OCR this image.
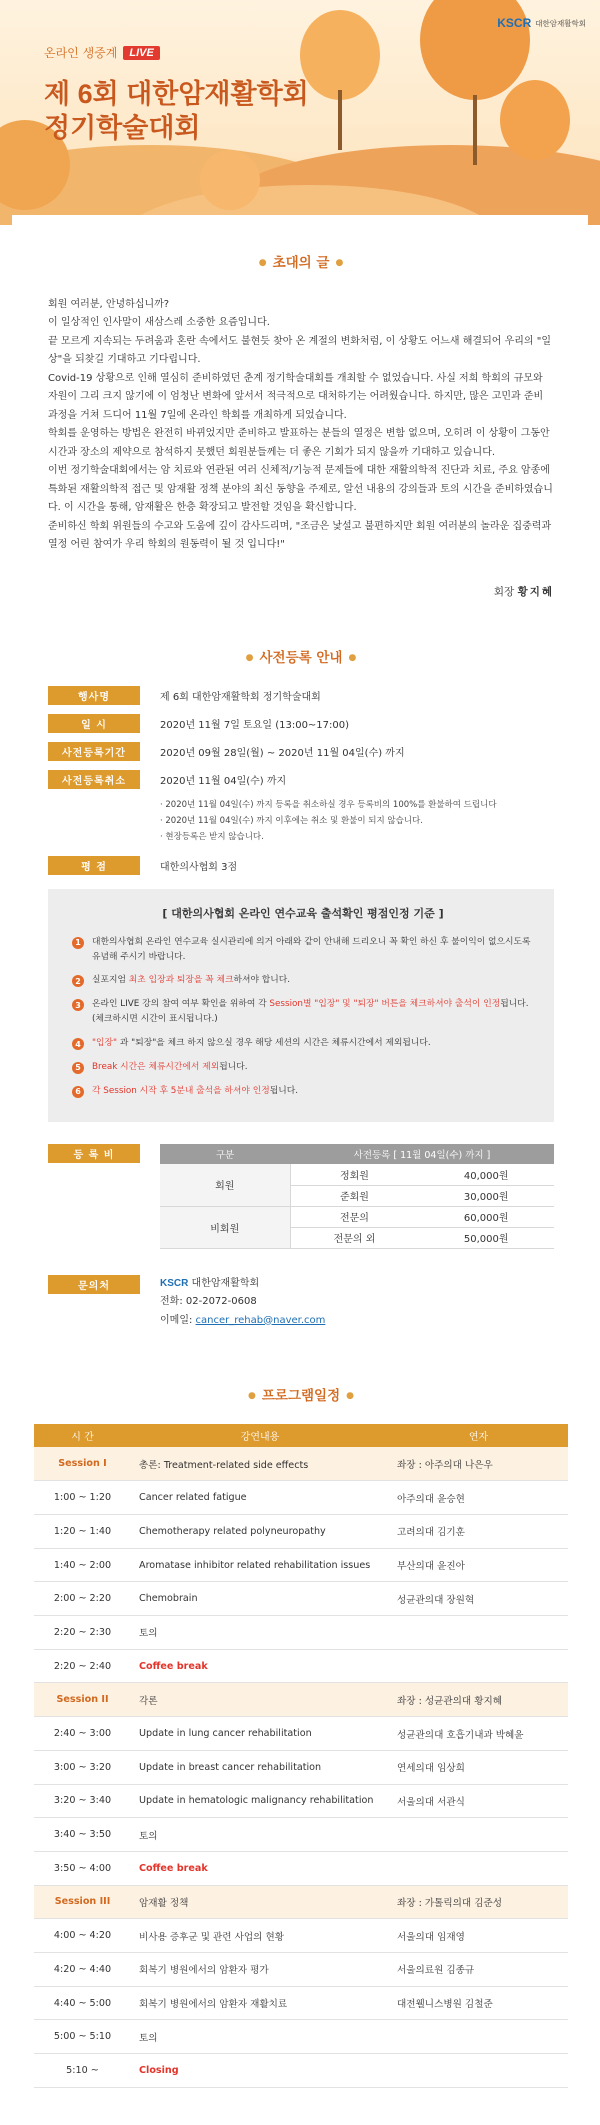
KSCR 대한암재활학회
온라인 생중계	LIVE
제 6회 대한암재활학회
정기학술대회
● 초대의 글 ●

회원 여러분, 안녕하십니까?

이 일상적인 인사말이 새삼스레 소중한 요즘입니다.

끝 모르게 지속되는 두려움과 혼란 속에서도 불현듯 찾아 온 계절의 변화처럼, 이 상황도 어느새 해결되어 우리의 "일상"을 되찾길 기대하고 기다립니다.

Covid-19 상황으로 인해 열심히 준비하였던 춘계 정기학술대회를 개최할 수 없었습니다. 사실 저희 학회의 규모와 자원이 그리 크지 않기에 이 엄청난 변화에 앞서서 적극적으로 대처하기는 어려웠습니다. 하지만, 많은 고민과 준비 과정을 거쳐 드디어 11월 7일에 온라인 학회를 개최하게 되었습니다.

학회를 운영하는 방법은 완전히 바뀌었지만 준비하고 발표하는 분들의 열정은 변함 없으며, 오히려 이 상황이 그동안 시간과 장소의 제약으로 참석하지 못했던 회원분들께는 더 좋은 기회가 되지 않을까 기대하고 있습니다.

이번 정기학술대회에서는 암 치료와 연관된 여러 신체적/기능적 문제들에 대한 재활의학적 진단과 치료, 주요 암종에 특화된 재활의학적 접근 및 암재활 정책 분야의 최신 동향을 주제로, 알선 내용의 강의들과 토의 시간을 준비하였습니다. 이 시간을 통해, 암재활은 한층 확장되고 발전할 것임을 확신합니다.

준비하신 학회 위원들의 수고와 도움에 깊이 감사드리며, "조금은 낯설고 불편하지만 회원 여러분의 놀라운 집중력과 열정 어린 참여가 우리 학회의 원동력이 될 것 입니다!"

회장 황지혜
● 사전등록 안내 ●
행사명	제 6회 대한암재활학회 정기학술대회
일 시	2020년 11월 7일 토요일 (13:00~17:00)
사전등록기간	2020년 09월 28일(월) ~ 2020년 11월 04일(수) 까지
사전등록취소	2020년 11월 04일(수) 까지
· 2020년 11월 04일(수) 까지 등록을 취소하실 경우 등록비의 100%를 환불하여 드립니다
· 2020년 11월 04일(수) 까지 이후에는 취소 및 환불이 되지 않습니다.
· 현장등록은 받지 않습니다.
평 점	대한의사협회 3점
[ 대한의사협회 온라인 연수교육 출석확인 평점인정 기준 ]
1	대한의사협회 온라인 연수교육 실시관리에 의거 아래와 같이 안내해 드리오니 꼭 확인 하신 후 불이익이 없으시도록 유념해 주시기 바랍니다.
2	실포지엄 최초 입장과 퇴장을 꼭 체크하셔야 합니다.
3	온라인 LIVE 강의 참여 여부 확인을 위하여 각 Session별 "입장" 및 "퇴장" 버튼을 체크하셔야 출석이 인정됩니다. (체크하시면 시간이 표시됩니다.)
4	"입장" 과 "퇴장"을 체크 하지 않으실 경우 해당 세션의 시간은 체류시간에서 제외됩니다.
5	Break 시간은 체류시간에서 제외됩니다.
6	각 Session 시작 후 5분내 출석을 하셔야 인정됩니다.
등 록 비	구분	사전등록 [ 11월 04일(수) 까지 ]	
회원	정회원	40,000원
	준회원	30,000원
비회원	전문의	60,000원
	전문의 외	50,000원
문의처	KSCR 대한암재활학회
전화: 02-2072-0608
이메일: cancer_rehab@naver.com
● 프로그램일정 ●
시 간	강연내용	연자
Session I	총론: Treatment-related side effects	좌장 : 아주의대 나은우
1:00 ~ 1:20	Cancer related fatigue	아주의대 윤승현
1:20 ~ 1:40	Chemotherapy related polyneuropathy	고려의대 김기훈
1:40 ~ 2:00	Aromatase inhibitor related rehabilitation issues	부산의대 윤진아
2:00 ~ 2:20	Chemobrain	성균관의대 장원혁
2:20 ~ 2:30	토의	
2:20 ~ 2:40	Coffee break	
Session II	각론	좌장 : 성균관의대 황지혜
2:40 ~ 3:00	Update in lung cancer rehabilitation	성균관의대 호흡기내과 박혜윤
3:00 ~ 3:20	Update in breast cancer rehabilitation	연세의대 임상희
3:20 ~ 3:40	Update in hematologic malignancy rehabilitation	서울의대 서관식
3:40 ~ 3:50	토의	
3:50 ~ 4:00	Coffee break	
Session III	암재활 정책	좌장 : 가톨릭의대 김준성
4:00 ~ 4:20	비사용 증후군 및 관련 사업의 현황	서울의대 임재영
4:20 ~ 4:40	회복기 병원에서의 암환자 평가	서울의료원 김종규
4:40 ~ 5:00	회복기 병원에서의 암환자 재활치료	대전웰니스병원 김철준
5:00 ~ 5:10	토의	
5:10 ~	Closing	
